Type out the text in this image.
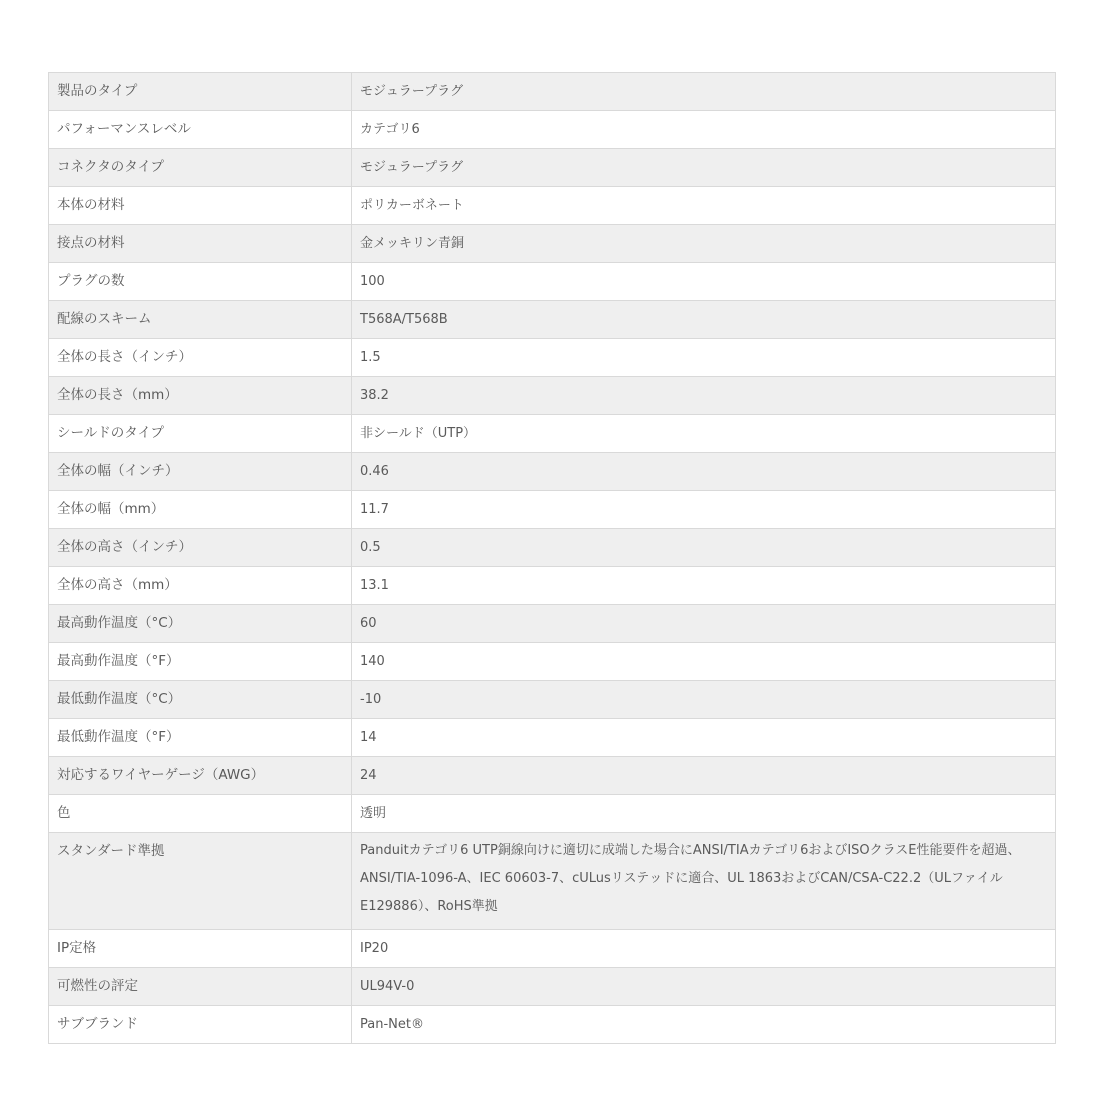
製品のタイプ	モジュラープラグ
パフォーマンスレベル	カテゴリ6
コネクタのタイプ	モジュラープラグ
本体の材料	ポリカーボネート
接点の材料	金メッキリン青銅
プラグの数	100
配線のスキーム	T568A/T568B
全体の長さ（インチ）	1.5
全体の長さ（mm）	38.2
シールドのタイプ	非シールド（UTP）
全体の幅（インチ）	0.46
全体の幅（mm）	11.7
全体の高さ（インチ）	0.5
全体の高さ（mm）	13.1
最高動作温度（°C）	60
最高動作温度（°F）	140
最低動作温度（°C）	-10
最低動作温度（°F）	14
対応するワイヤーゲージ（AWG）	24
色	透明
スタンダード準拠	Panduitカテゴリ6 UTP銅線向けに適切に成端した場合にANSI/TIAカテゴリ6およびISOクラスE性能要件を超過、ANSI/TIA-1096-A、IEC 60603-7、cULusリステッドに適合、UL 1863およびCAN/CSA-C22.2（ULファイルE129886）、RoHS準拠
IP定格	IP20
可燃性の評定	UL94V-0
サブブランド	Pan-Net®
